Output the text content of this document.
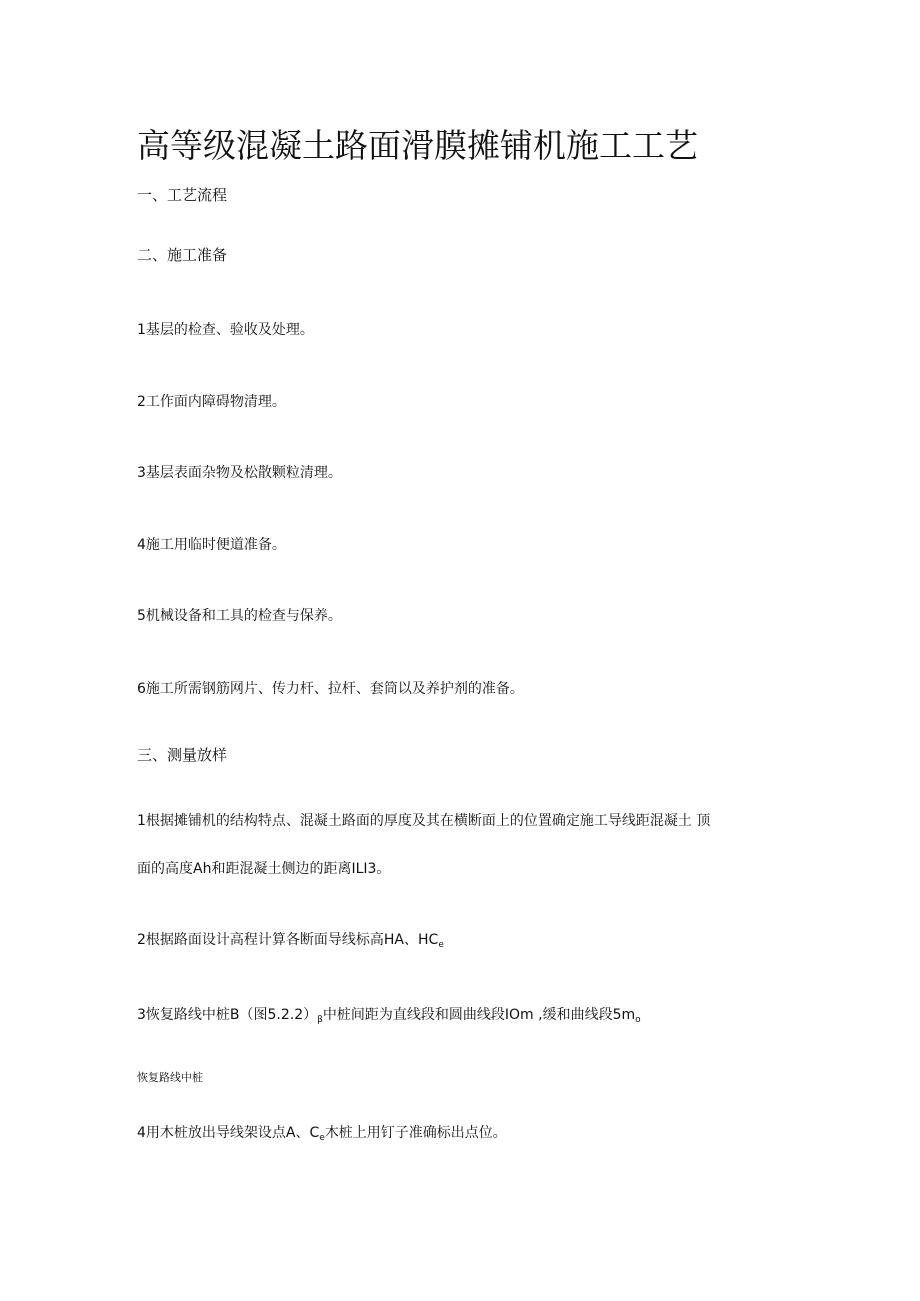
高等级混凝土路面滑膜摊铺机施工工艺
一、工艺流程
二、施工准备
1基层的检查、验收及处理。
2工作面内障碍物清理。
3基层表面杂物及松散颗粒清理。
4施工用临时便道准备。
5机械设备和工具的检查与保养。
6施工所需钢筋网片、传力杆、拉杆、套筒以及养护剂的准备。
三、测量放样
1根据摊铺机的结构特点、混凝土路面的厚度及其在横断面上的位置确定施工导线距混凝土 顶
面的高度Ah和距混凝土侧边的距离ILI3。
2根据路面设计高程计算各断面导线标高HA、$HC_e$
3恢复路线中桩B（图$5.2.2)_\beta$中桩间距为直线段和圆曲线段IOm ,缓和曲线段$5m_o$
恢复路线中桩
4用木桩放出导线架设点A、$C_e$木桩上用钉子准确标出点位。
